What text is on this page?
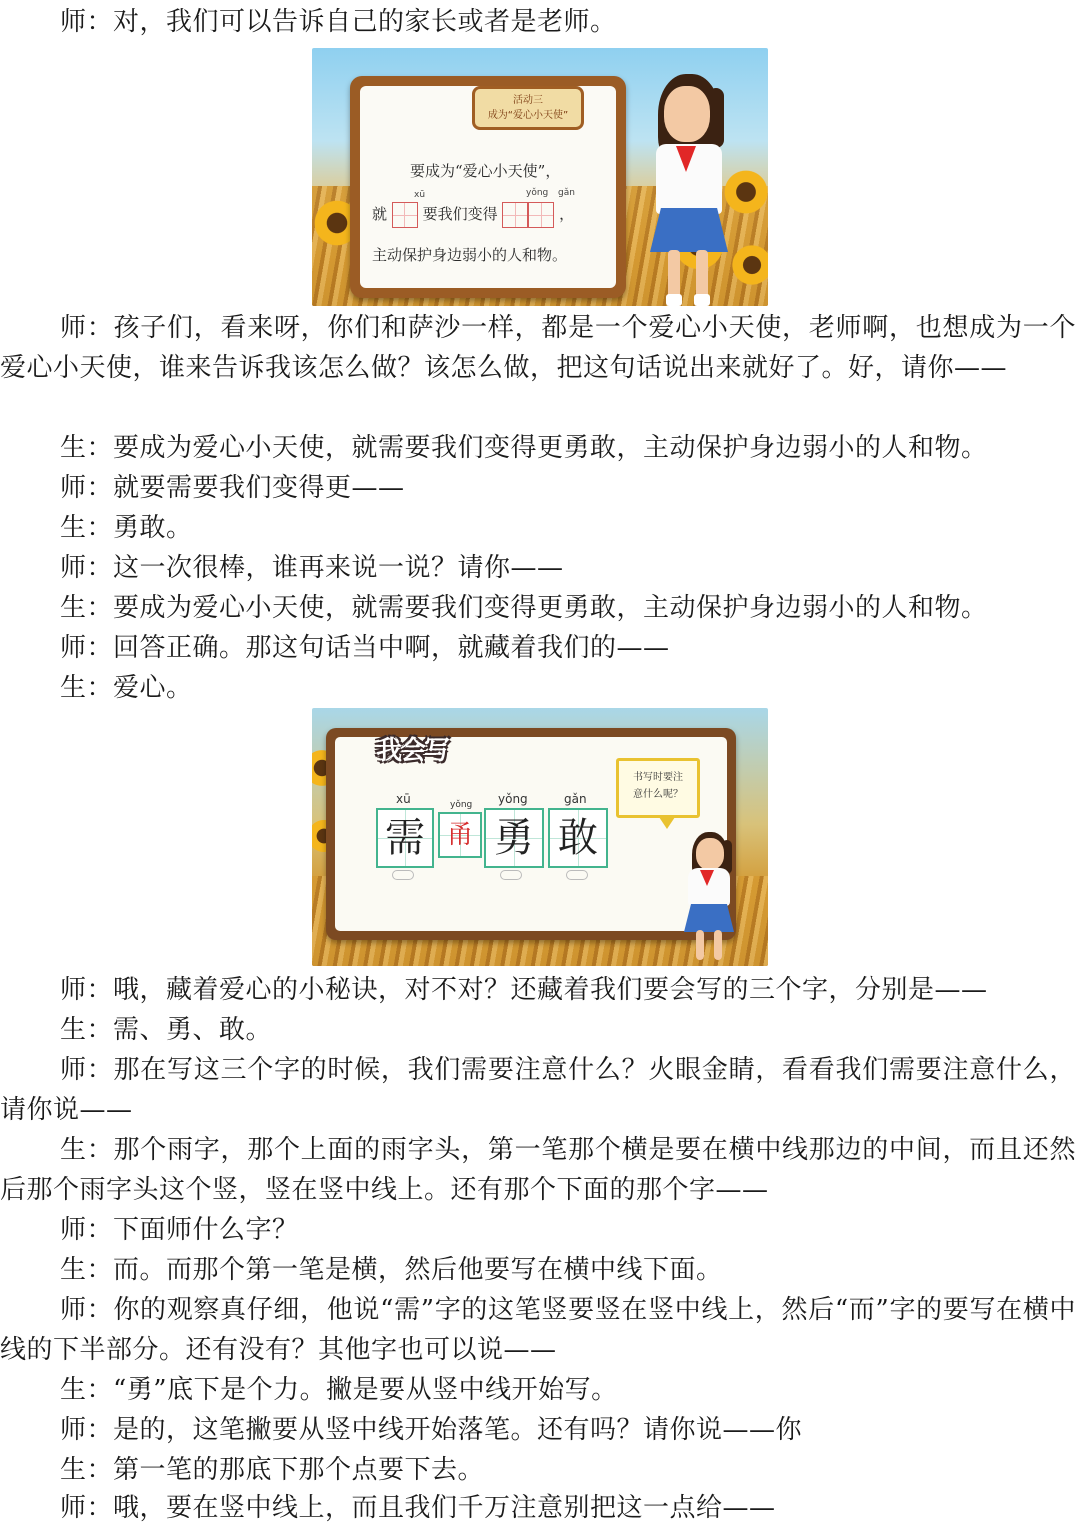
师：对，我们可以告诉自己的家长或者是老师。

活动三
成为“爱心小天使”
要成为“爱心小天使”，
xū	yǒng gǎn
就 要我们变得	，
主动保护身边弱小的人和物。

师：孩子们，看来呀，你们和萨沙一样，都是一个爱心小天使，老师啊，也想成为一个爱心小天使，谁来告诉我该怎么做？该怎么做，把这句话说出来就好了。好，请你——

生：要成为爱心小天使，就需要我们变得更勇敢，主动保护身边弱小的人和物。

师：就要需要我们变得更——

生：勇敢。

师：这一次很棒，谁再来说一说？请你——

生：要成为爱心小天使，就需要我们变得更勇敢，主动保护身边弱小的人和物。

师：回答正确。那这句话当中啊，就藏着我们的——

生：爱心。

我会写
书写时要注意什么呢？
xū
需
yǒng
甬
yǒng
勇
gǎn
敢

师：哦，藏着爱心的小秘诀，对不对？还藏着我们要会写的三个字，分别是——

生：需、勇、敢。

师：那在写这三个字的时候，我们需要注意什么？火眼金睛，看看我们需要注意什么，请你说——

生：那个雨字，那个上面的雨字头，第一笔那个横是要在横中线那边的中间，而且还然后那个雨字头这个竖，竖在竖中线上。还有那个下面的那个字——

师：下面师什么字？

生：而。而那个第一笔是横，然后他要写在横中线下面。

师：你的观察真仔细，他说“需”字的这笔竖要竖在竖中线上，然后“而”字的要写在横中线的下半部分。还有没有？其他字也可以说——

生：“勇”底下是个力。撇是要从竖中线开始写。

师：是的，这笔撇要从竖中线开始落笔。还有吗？请你说——你

生：第一笔的那底下那个点要下去。

师：哦，要在竖中线上，而且我们千万注意别把这一点给——
